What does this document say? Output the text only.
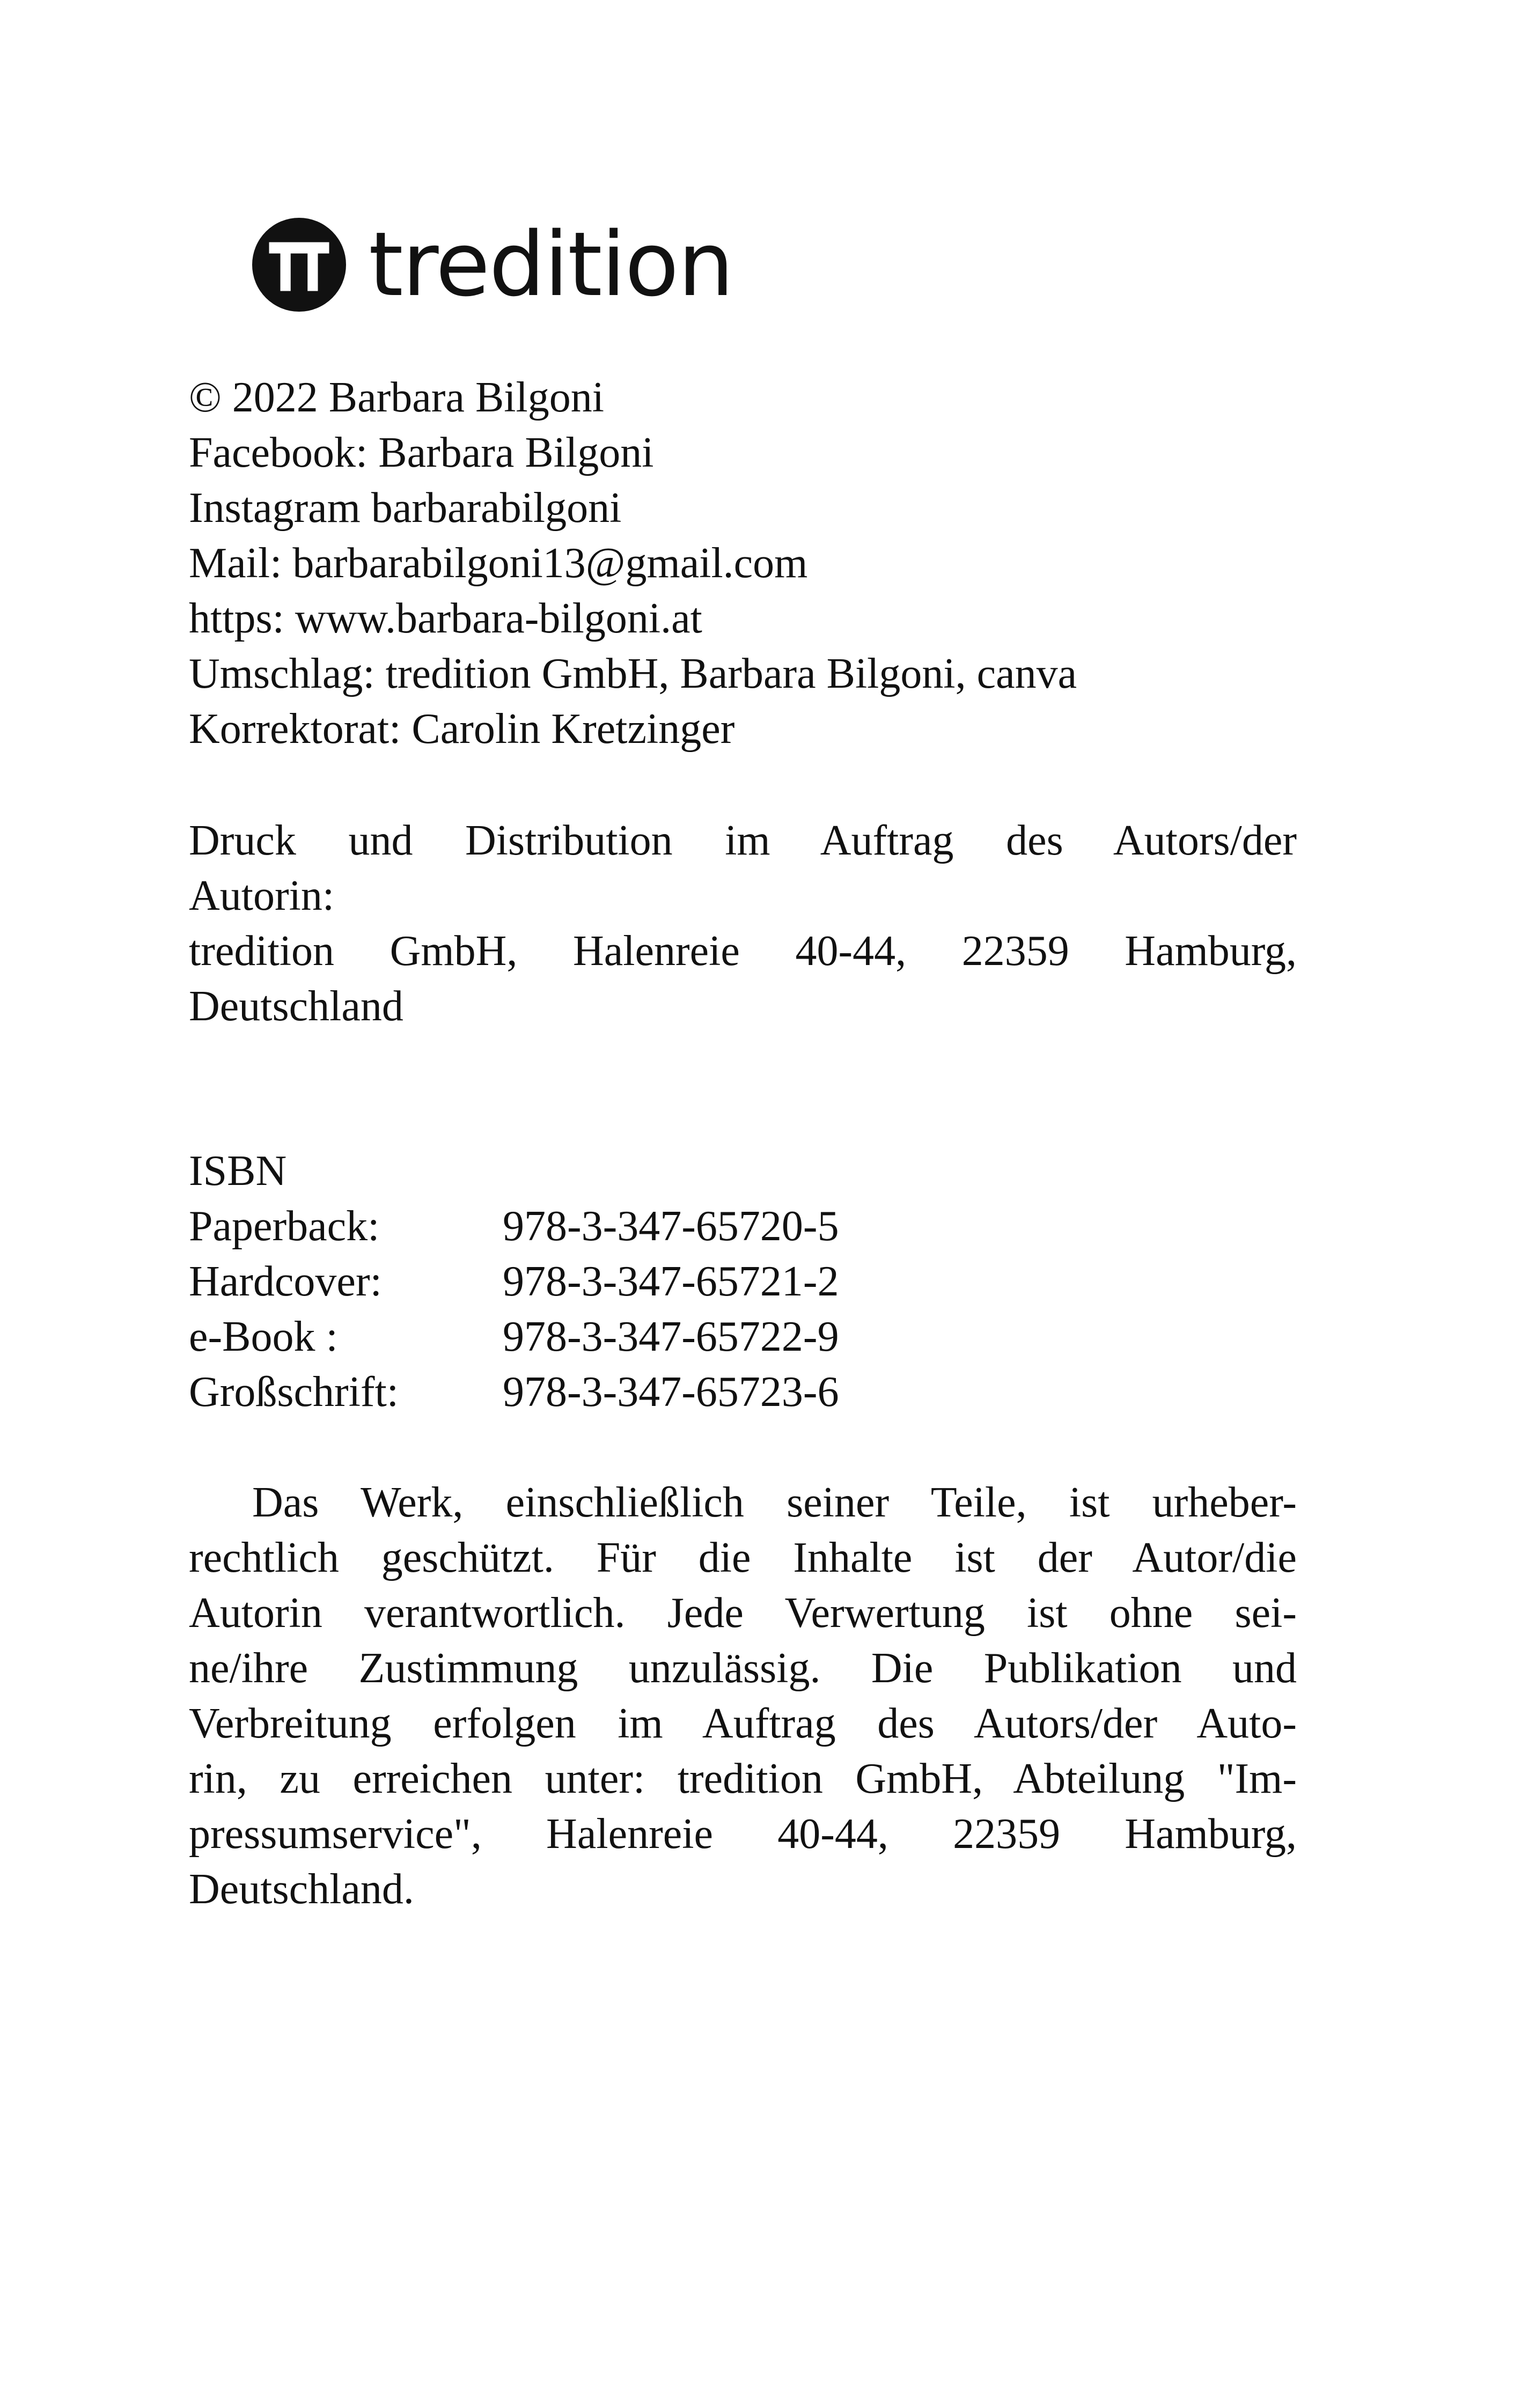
tredition
© 2022 Barbara Bilgoni
Facebook: Barbara Bilgoni
Instagram barbarabilgoni
Mail: barbarabilgoni13@gmail.com
https: www.barbara-bilgoni.at
Umschlag: tredition GmbH, Barbara Bilgoni, canva
Korrektorat: Carolin Kretzinger
Druck und Distribution im Auftrag des Autors/der
Autorin:
tredition GmbH, Halenreie 40-44, 22359 Hamburg,
Deutschland
ISBN
Paperback:	978-3-347-65720-5
Hardcover:	978-3-347-65721-2
e-Book :	978-3-347-65722-9
Großschrift:	978-3-347-65723-6
Das Werk, einschließlich seiner Teile, ist urheber-
rechtlich geschützt. Für die Inhalte ist der Autor/die
Autorin verantwortlich. Jede Verwertung ist ohne sei-
ne/ihre Zustimmung unzulässig. Die Publikation und
Verbreitung erfolgen im Auftrag des Autors/der Auto-
rin, zu erreichen unter: tredition GmbH, Abteilung "Im-
pressumservice", Halenreie 40-44, 22359 Hamburg,
Deutschland.
